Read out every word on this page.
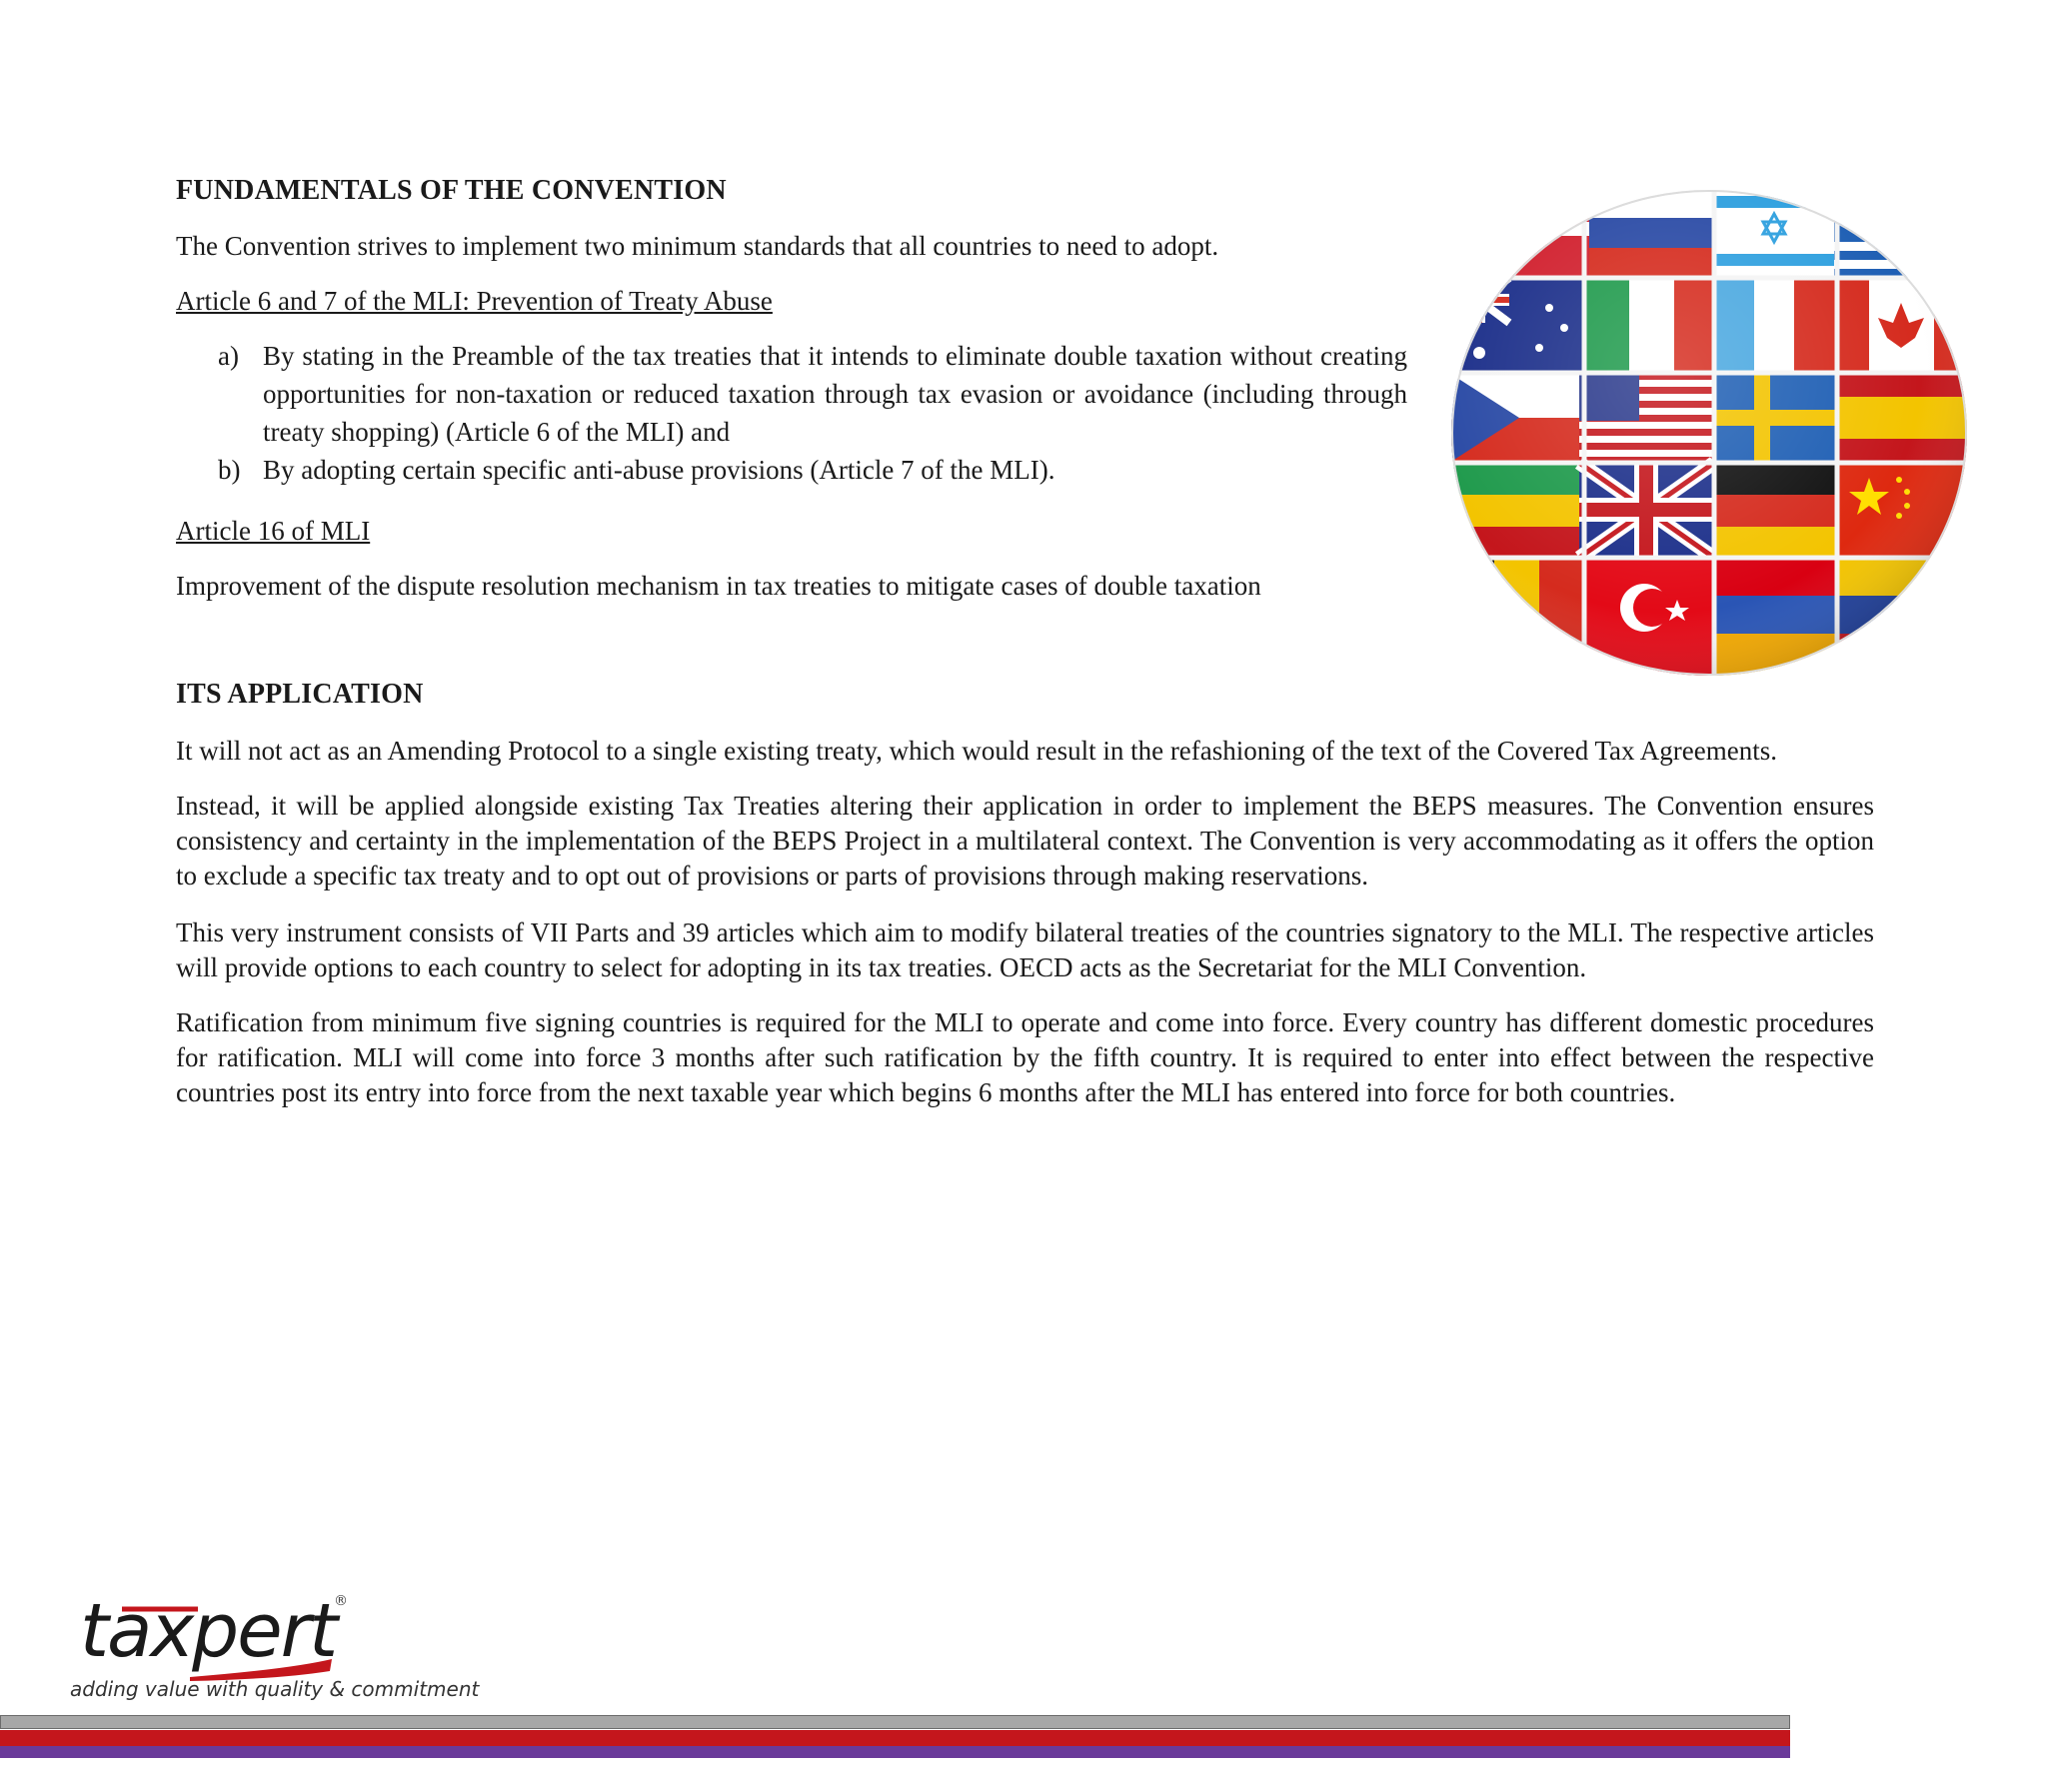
FUNDAMENTALS OF THE CONVENTION

The Convention strives to implement two minimum standards that all countries to need to adopt.

Article 6 and 7 of the MLI: Prevention of Treaty Abuse

a) By stating in the Preamble of the tax treaties that it intends to eliminate double taxation without creating opportunities for non-taxation or reduced taxation through tax evasion or avoidance (including through treaty shopping) (Article 6 of the MLI) and
b) By adopting certain specific anti-abuse provisions (Article 7 of the MLI).

Article 16 of MLI

Improvement of the dispute resolution mechanism in tax treaties to mitigate cases of double taxation

ITS APPLICATION

It will not act as an Amending Protocol to a single existing treaty, which would result in the refashioning of the text of the Covered Tax Agreements.

Instead, it will be applied alongside existing Tax Treaties altering their application in order to implement the BEPS measures. The Convention ensures consistency and certainty in the implementation of the BEPS Project in a multilateral context. The Convention is very accommodating as it offers the option to exclude a specific tax treaty and to opt out of provisions or parts of provisions through making reservations.

This very instrument consists of VII Parts and 39 articles which aim to modify bilateral treaties of the countries signatory to the MLI. The respective articles will provide options to each country to select for adopting in its tax treaties. OECD acts as the Secretariat for the MLI Convention.

Ratification from minimum five signing countries is required for the MLI to operate and come into force. Every country has different domestic procedures for ratification. MLI will come into force 3 months after such ratification by the fifth country. It is required to enter into effect between the respective countries post its entry into force from the next taxable year which begins 6 months after the MLI has entered into force for both countries.

taxpert
®
adding value with quality & commitment
